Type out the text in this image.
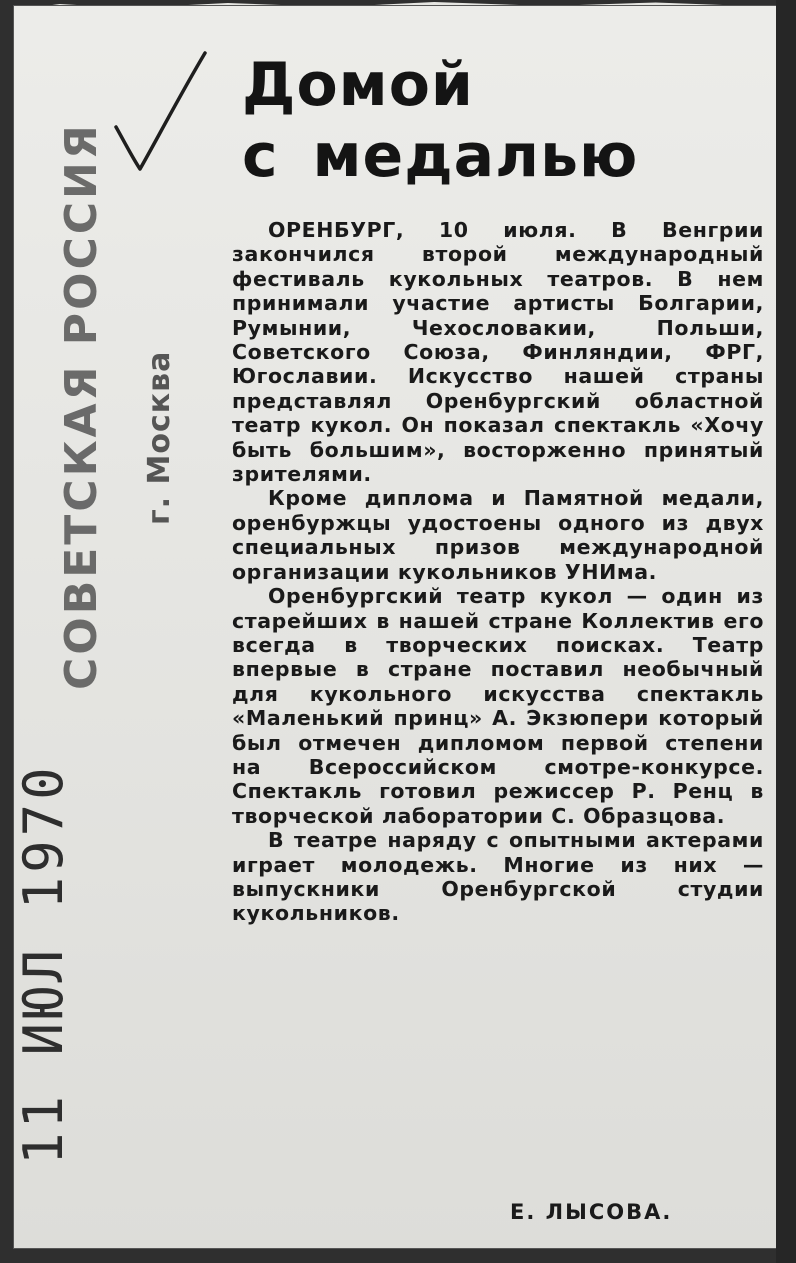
СОВЕТСКАЯ РОССИЯ г. Москва
11 ИЮЛ 1970
Домой
с медалью

ОРЕНБУРГ, 10 июля. В Венгрии закончился второй международный фестиваль кукольных театров. В нем принимали участие артисты Болгарии, Румынии, Чехословакии, Польши, Советского Союза, Финляндии, ФРГ, Югославии. Искусство нашей страны представлял Оренбургский областной театр кукол. Он показал спектакль «Хочу быть большим», восторженно принятый зрителями.

Кроме диплома и Памятной медали, оренбуржцы удостоены одного из двух специальных призов международной организации кукольников УНИма.

Оренбургский театр кукол — один из старейших в нашей стране Коллектив его всегда в творческих поисках. Театр впервые в стране поставил необычный для кукольного искусства спектакль «Маленький принц» А. Экзюпери который был отмечен дипломом первой степени на Всероссийском смотре-конкурсе. Спектакль готовил режиссер Р. Ренц в творческой лаборатории С. Образцова.

В театре наряду с опытными актерами играет молодежь. Многие из них — выпускники Оренбургской студии кукольников.

Е. ЛЫСОВА.
